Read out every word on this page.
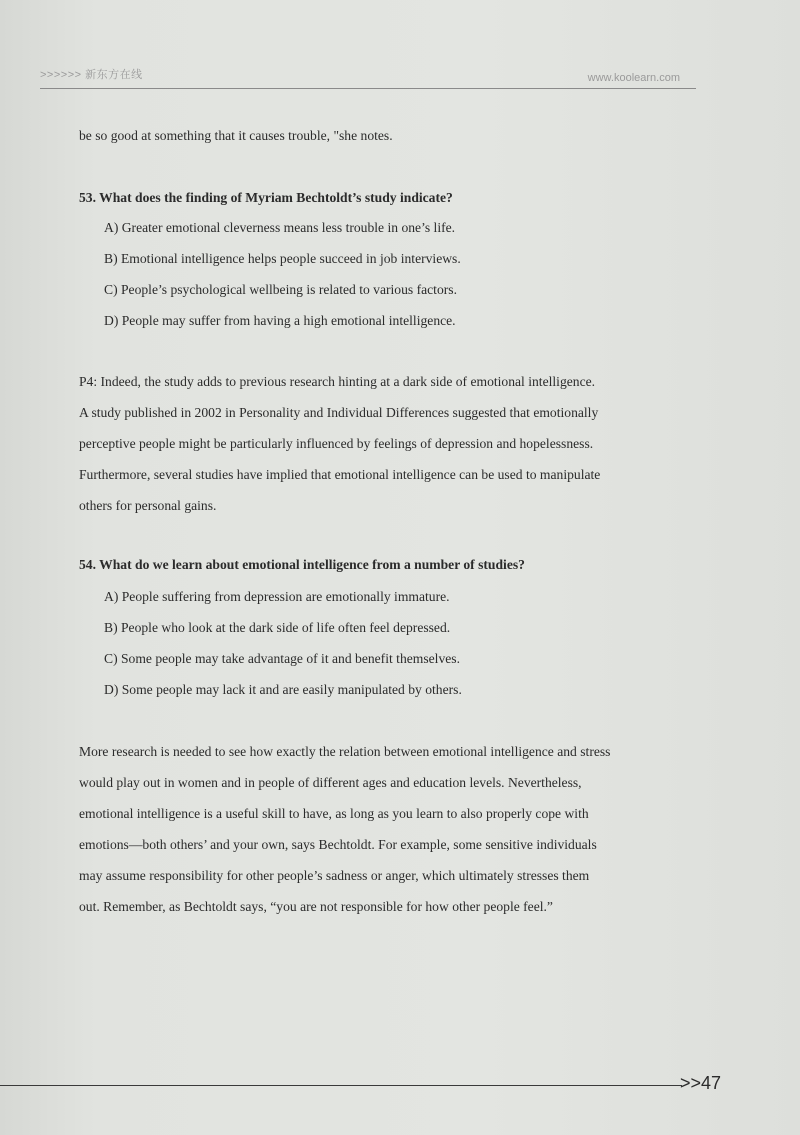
>>>>>> 新东方在线	www.koolearn.com

be so good at something that it causes trouble, "she notes.

53. What does the finding of Myriam Bechtoldt’s study indicate?

A) Greater emotional cleverness means less trouble in one’s life.

B) Emotional intelligence helps people succeed in job interviews.

C) People’s psychological wellbeing is related to various factors.

D) People may suffer from having a high emotional intelligence.

P4: Indeed, the study adds to previous research hinting at a dark side of emotional intelligence.

A study published in 2002 in Personality and Individual Differences suggested that emotionally

perceptive people might be particularly influenced by feelings of depression and hopelessness.

Furthermore, several studies have implied that emotional intelligence can be used to manipulate

others for personal gains.

54. What do we learn about emotional intelligence from a number of studies?

A) People suffering from depression are emotionally immature.

B) People who look at the dark side of life often feel depressed.

C) Some people may take advantage of it and benefit themselves.

D) Some people may lack it and are easily manipulated by others.

More research is needed to see how exactly the relation between emotional intelligence and stress

would play out in women and in people of different ages and education levels. Nevertheless,

emotional intelligence is a useful skill to have, as long as you learn to also properly cope with

emotions—both others’ and your own, says Bechtoldt. For example, some sensitive individuals

may assume responsibility for other people’s sadness or anger, which ultimately stresses them

out. Remember, as Bechtoldt says, “you are not responsible for how other people feel.”

>>47
